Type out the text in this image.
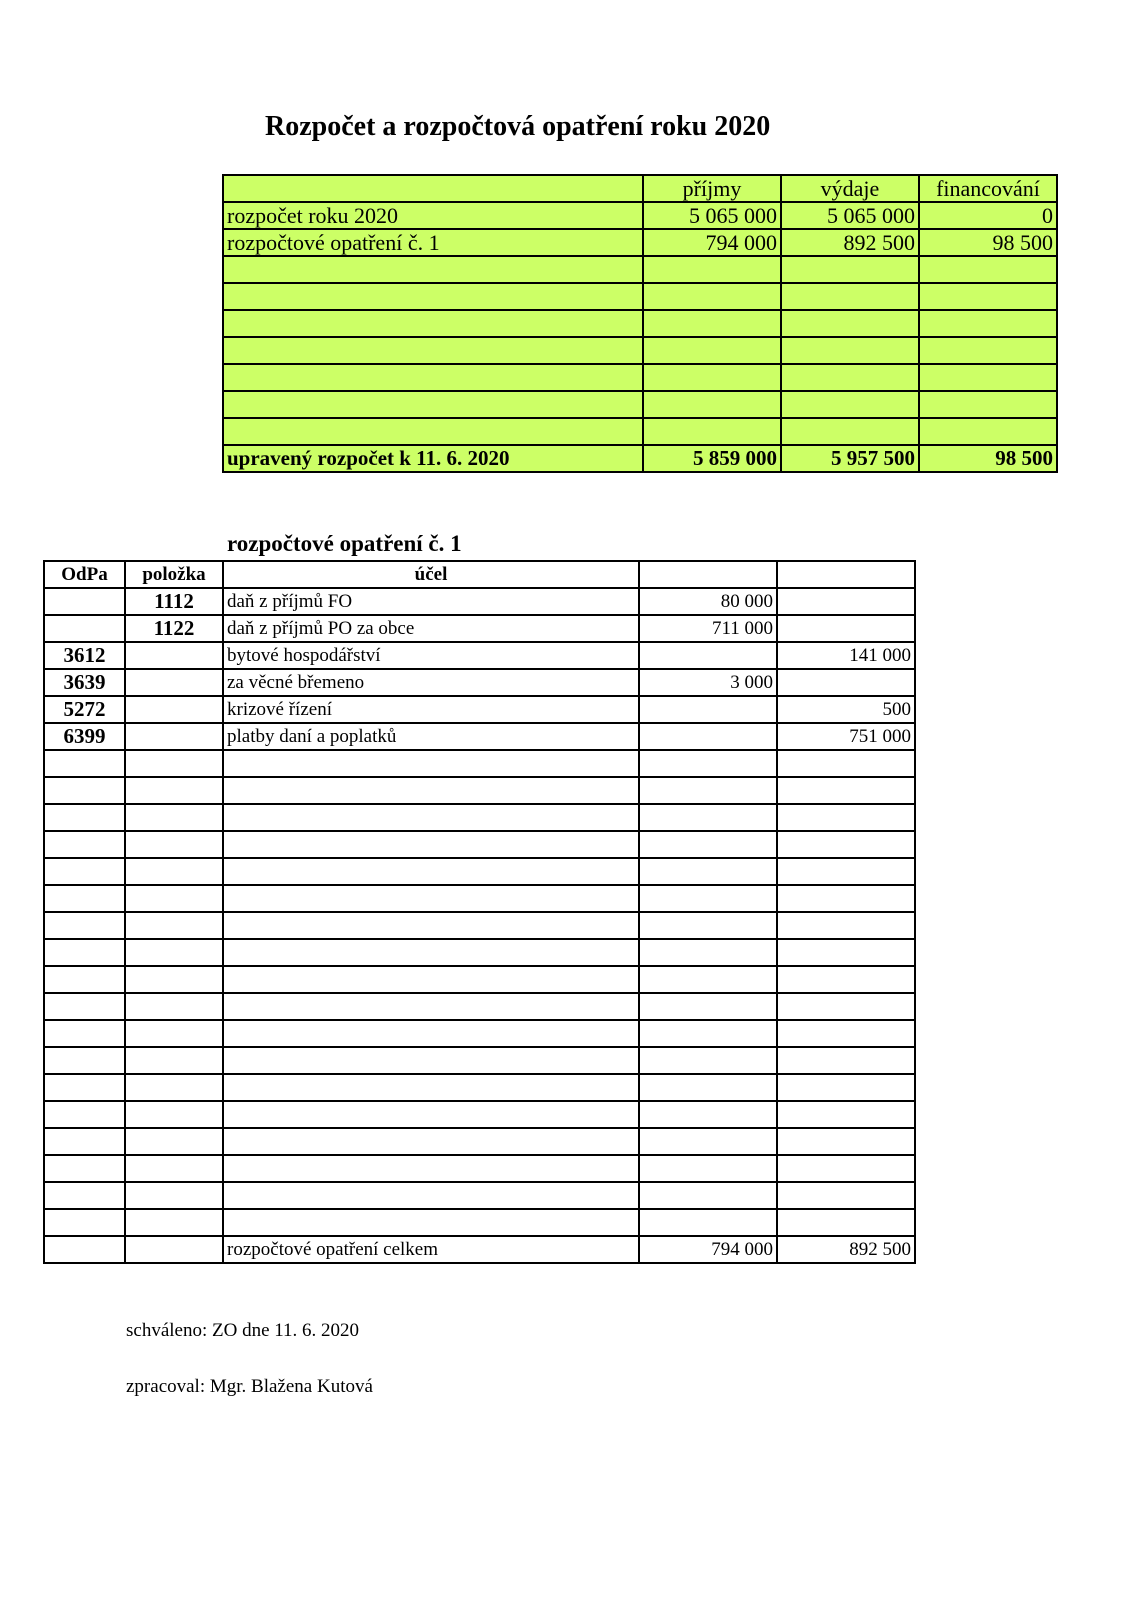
Rozpočet a rozpočtová opatření roku 2020
	příjmy	výdaje	financování
rozpočet roku 2020	5 065 000	5 065 000	0
rozpočtové opatření č. 1	794 000	892 500	98 500

upravený rozpočet k 11. 6. 2020	5 859 000	5 957 500	98 500
rozpočtové opatření č. 1
OdPa	položka	účel		
	1112	daň z příjmů FO	80 000	
	1122	daň z příjmů PO za obce	711 000	
3612		bytové hospodářství		141 000
3639		za věcné břemeno	3 000	
5272		krizové řízení		500
6399		platby daní a poplatků		751 000

		rozpočtové opatření celkem	794 000	892 500
schváleno: ZO dne 11. 6. 2020
zpracoval: Mgr. Blažena Kutová
